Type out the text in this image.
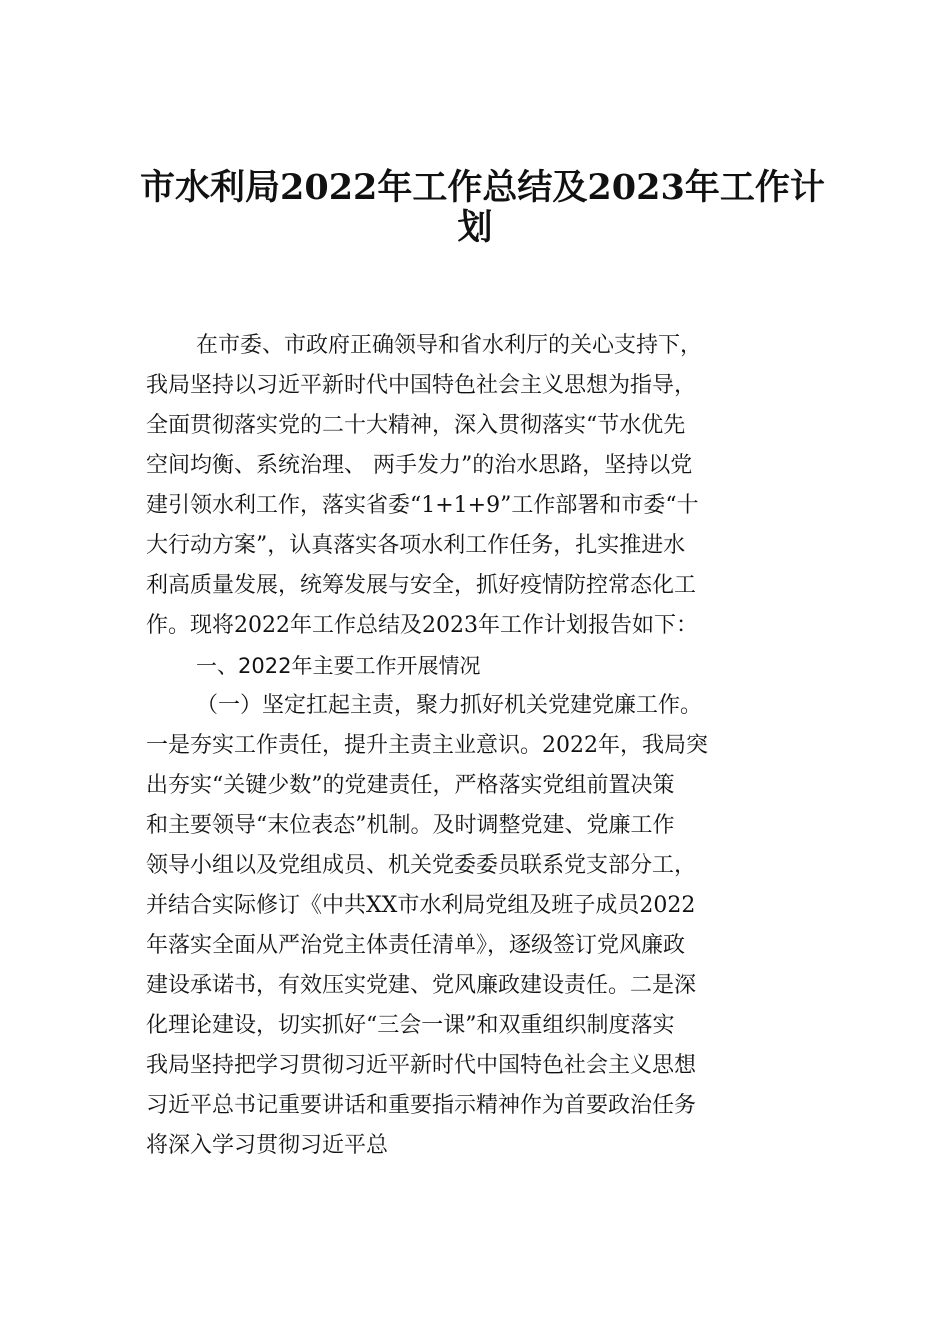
市水利局2022年工作总结及2023年工作计
划
在市委、市政府正确领导和省水利厅的关心支持下，
我局坚持以习近平新时代中国特色社会主义思想为指导，
全面贯彻落实党的二十大精神，深入贯彻落实“节水优先
空间均衡、系统治理、 两手发力”的治水思路，坚持以党
建引领水利工作，落实省委“1+1+9”工作部署和市委“十
大行动方案”，认真落实各项水利工作任务，扎实推进水
利高质量发展，统筹发展与安全，抓好疫情防控常态化工
作。现将2022年工作总结及2023年工作计划报告如下：
一、2022年主要工作开展情况
（一）坚定扛起主责，聚力抓好机关党建党廉工作。
一是夯实工作责任，提升主责主业意识。2022年，我局突
出夯实“关键少数”的党建责任，严格落实党组前置决策
和主要领导“末位表态”机制。及时调整党建、党廉工作
领导小组以及党组成员、机关党委委员联系党支部分工，
并结合实际修订《中共XX市水利局党组及班子成员2022
年落实全面从严治党主体责任清单》，逐级签订党风廉政
建设承诺书，有效压实党建、党风廉政建设责任。二是深
化理论建设，切实抓好“三会一课”和双重组织制度落实
我局坚持把学习贯彻习近平新时代中国特色社会主义思想
习近平总书记重要讲话和重要指示精神作为首要政治任务
将深入学习贯彻习近平总
